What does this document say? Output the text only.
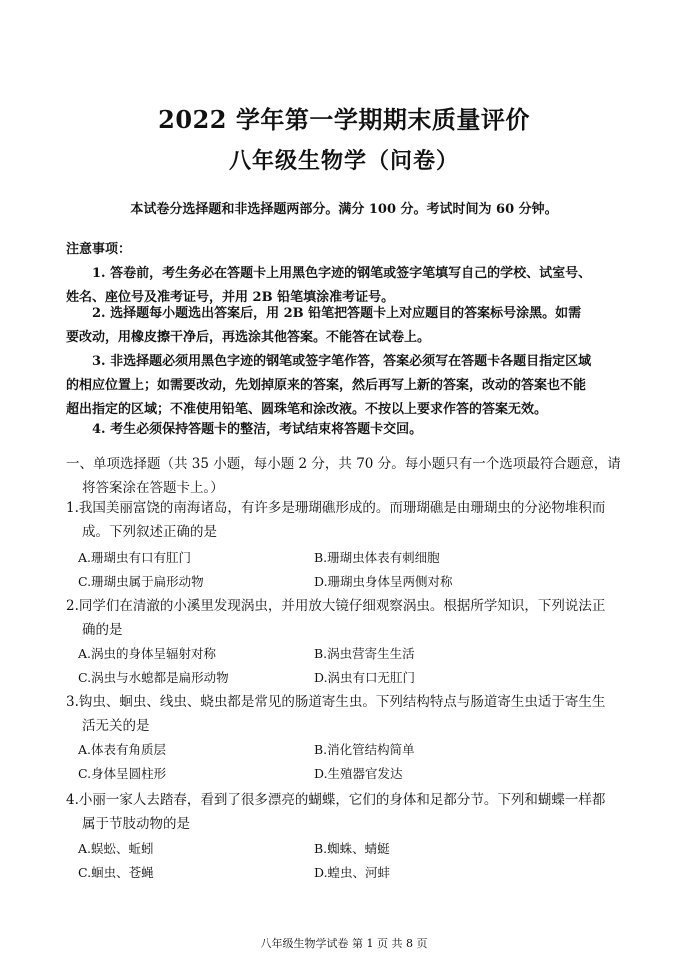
2022 学年第一学期期末质量评价
八年级生物学（问卷）
本试卷分选择题和非选择题两部分。满分 100 分。考试时间为 60 分钟。
注意事项：

1. 答卷前，考生务必在答题卡上用黑色字迹的钢笔或签字笔填写自己的学校、试室号、

姓名、座位号及准考证号，并用 2B 铅笔填涂准考证号。

2. 选择题每小题选出答案后，用 2B 铅笔把答题卡上对应题目的答案标号涂黑。如需

要改动，用橡皮擦干净后，再选涂其他答案。不能答在试卷上。

3. 非选择题必须用黑色字迹的钢笔或签字笔作答，答案必须写在答题卡各题目指定区域

的相应位置上；如需要改动，先划掉原来的答案，然后再写上新的答案，改动的答案也不能

超出指定的区域；不准使用铅笔、圆珠笔和涂改液。不按以上要求作答的答案无效。

4. 考生必须保持答题卡的整洁，考试结束将答题卡交回。

一、单项选择题（共 35 小题，每小题 2 分，共 70 分。每小题只有一个选项最符合题意，请

将答案涂在答题卡上。）

1.我国美丽富饶的南海诸岛，有许多是珊瑚礁形成的。而珊瑚礁是由珊瑚虫的分泌物堆积而

成。下列叙述正确的是

A.珊瑚虫有口有肛门	B.珊瑚虫体表有刺细胞
C.珊瑚虫属于扁形动物	D.珊瑚虫身体呈两侧对称

2.同学们在清澈的小溪里发现涡虫，并用放大镜仔细观察涡虫。根据所学知识，下列说法正

确的是

A.涡虫的身体呈辐射对称	B.涡虫营寄生生活
C.涡虫与水螅都是扁形动物	D.涡虫有口无肛门

3.钩虫、蛔虫、线虫、蛲虫都是常见的肠道寄生虫。下列结构特点与肠道寄生虫适于寄生生

活无关的是

A.体表有角质层	B.消化管结构简单
C.身体呈圆柱形	D.生殖器官发达

4.小丽一家人去踏春，看到了很多漂亮的蝴蝶，它们的身体和足都分节。下列和蝴蝶一样都

属于节肢动物的是

A.蜈蚣、蚯蚓	B.蜘蛛、蜻蜓
C.蛔虫、苍蝇	D.蝗虫、河蚌
八年级生物学试卷 第 1 页 共 8 页
